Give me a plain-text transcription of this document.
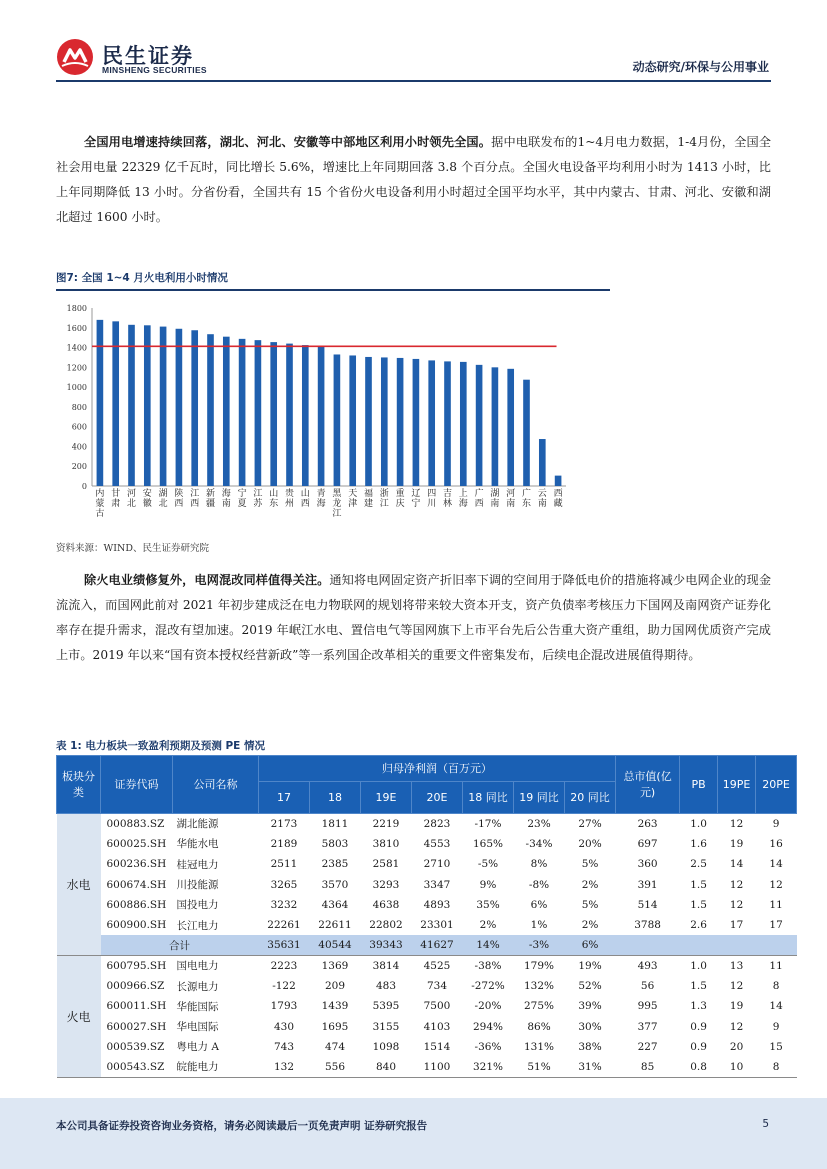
民生证券
MINSHENG SECURITIES	动态研究/环保与公用事业

全国用电增速持续回落，湖北、河北、安徽等中部地区利用小时领先全国。据中电联发布的1~4月电力数据，1-4月份，全国全社会用电量 22329 亿千瓦时，同比增长 5.6%，增速比上年同期回落 3.8 个百分点。全国火电设备平均利用小时为 1413 小时，比上年同期降低 13 小时。分省份看，全国共有 15 个省份火电设备利用小时超过全国平均水平，其中内蒙古、甘肃、河北、安徽和湖北超过 1600 小时。

图7: 全国 1~4 月火电利用小时情况
0
200
400
600
800
1000
1200
1400
1600
1800
内蒙古
甘肃
河北
安徽
湖北
陕西
江西
新疆
海南
宁夏
江苏
山东
贵州
山西
青海
黑龙江
天津
福建
浙江
重庆
辽宁
四川
吉林
上海
广西
湖南
河南
广东
云南
西藏
资料来源：WIND、民生证券研究院

除火电业绩修复外，电网混改同样值得关注。通知将电网固定资产折旧率下调的空间用于降低电价的措施将减少电网企业的现金流流入，而国网此前对 2021 年初步建成泛在电力物联网的规划将带来较大资本开支，资产负债率考核压力下国网及南网资产证券化率存在提升需求，混改有望加速。2019 年岷江水电、置信电气等国网旗下上市平台先后公告重大资产重组，助力国网优质资产完成上市。2019 年以来“国有资本授权经营新政”等一系列国企改革相关的重要文件密集发布，后续电企混改进展值得期待。

表 1: 电力板块一致盈利预期及预测 PE 情况
板块分类	证券代码	公司名称	归母净利润（百万元）							总市值(亿元)	PB	19PE	20PE
			17	18	19E	20E	18 同比	19 同比	20 同比				
水电	000883.SZ	湖北能源	2173	1811	2219	2823	-17%	23%	27%	263	1.0	12	9
	600025.SH	华能水电	2189	5803	3810	4553	165%	-34%	20%	697	1.6	19	16
	600236.SH	桂冠电力	2511	2385	2581	2710	-5%	8%	5%	360	2.5	14	14
	600674.SH	川投能源	3265	3570	3293	3347	9%	-8%	2%	391	1.5	12	12
	600886.SH	国投电力	3232	4364	4638	4893	35%	6%	5%	514	1.5	12	11
	600900.SH	长江电力	22261	22611	22802	23301	2%	1%	2%	3788	2.6	17	17
	合计		35631	40544	39343	41627	14%	-3%	6%				
火电	600795.SH	国电电力	2223	1369	3814	4525	-38%	179%	19%	493	1.0	13	11
	000966.SZ	长源电力	-122	209	483	734	-272%	132%	52%	56	1.5	12	8
	600011.SH	华能国际	1793	1439	5395	7500	-20%	275%	39%	995	1.3	19	14
	600027.SH	华电国际	430	1695	3155	4103	294%	86%	30%	377	0.9	12	9
	000539.SZ	粤电力 A	743	474	1098	1514	-36%	131%	38%	227	0.9	20	15
	000543.SZ	皖能电力	132	556	840	1100	321%	51%	31%	85	0.8	10	8
本公司具备证券投资咨询业务资格，请务必阅读最后一页免责声明 证券研究报告	5
